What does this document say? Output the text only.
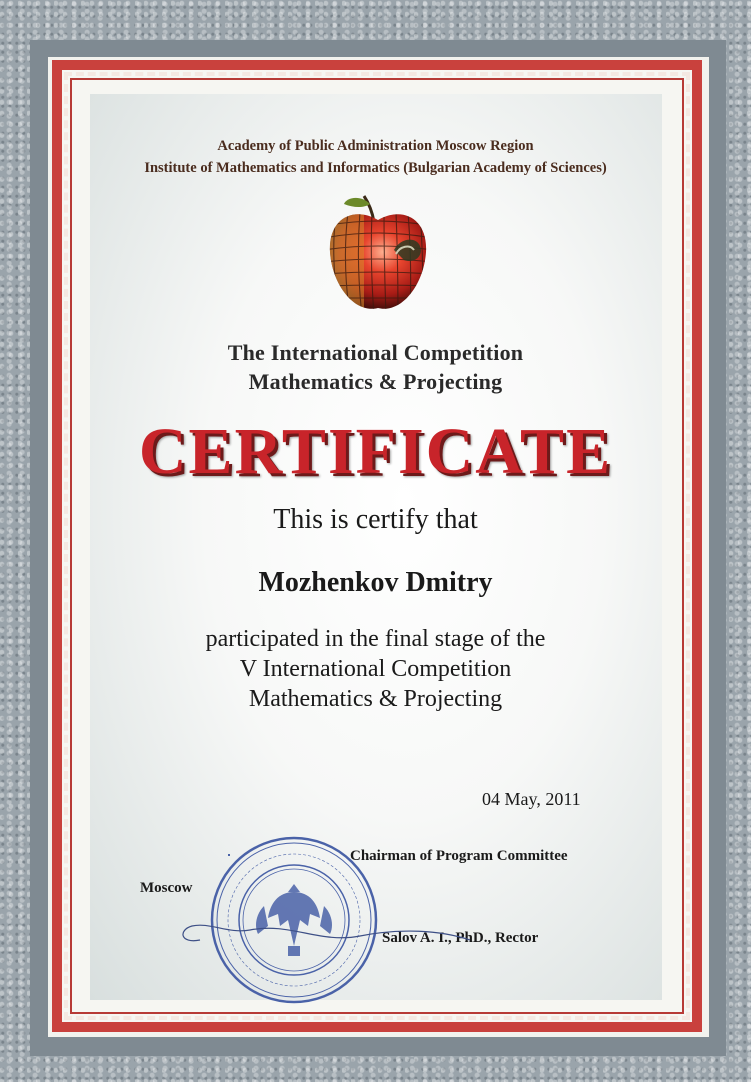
Academy of Public Administration Moscow Region
Institute of Mathematics and Informatics (Bulgarian Academy of Sciences)
The International Competition
Mathematics & Projecting
CERTIFICATE
This is certify that
Mozhenkov Dmitry
participated in the final stage of the
V International Competition
Mathematics & Projecting
04 May, 2011
Chairman of Program Committee
Moscow
Salov A. I., PhD., Rector
